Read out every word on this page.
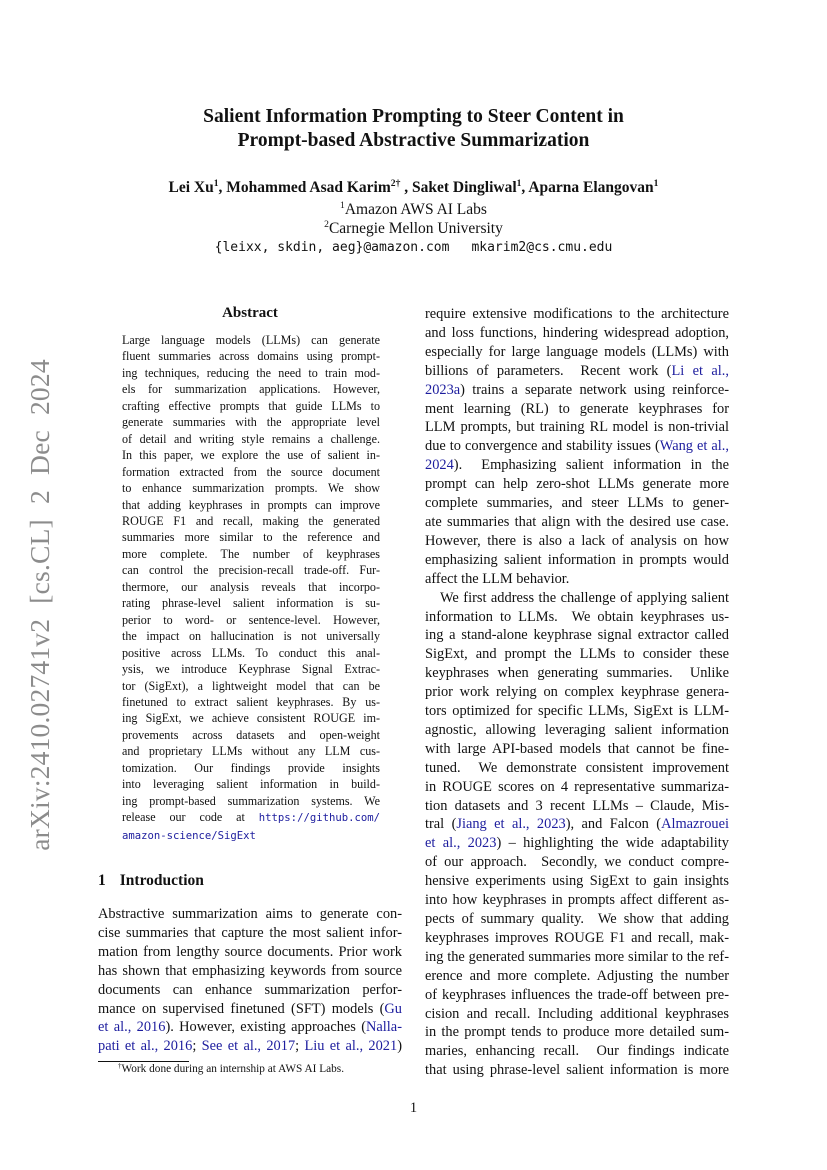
arXiv:2410.02741v2 [cs.CL] 2 Dec 2024
Salient Information Prompting to Steer Content in
Prompt-based Abstractive Summarization
Lei Xu$^1$, Mohammed Asad Karim$^{2\dagger}$ , Saket Dingliwal$^1$, Aparna Elangovan$^1$
$^1$Amazon AWS AI Labs
$^2$Carnegie Mellon University
{leixx, skdin, aeg}@amazon.com mkarim2@cs.cmu.edu
Abstract
Large language models (LLMs) can generate
fluent summaries across domains using prompt-
ing techniques, reducing the need to train mod-
els for summarization applications. However,
crafting effective prompts that guide LLMs to
generate summaries with the appropriate level
of detail and writing style remains a challenge.
In this paper, we explore the use of salient in-
formation extracted from the source document
to enhance summarization prompts. We show
that adding keyphrases in prompts can improve
ROUGE F1 and recall, making the generated
summaries more similar to the reference and
more complete. The number of keyphrases
can control the precision-recall trade-off. Fur-
thermore, our analysis reveals that incorpo-
rating phrase-level salient information is su-
perior to word- or sentence-level. However,
the impact on hallucination is not universally
positive across LLMs. To conduct this anal-
ysis, we introduce Keyphrase Signal Extrac-
tor (SigExt), a lightweight model that can be
finetuned to extract salient keyphrases. By us-
ing SigExt, we achieve consistent ROUGE im-
provements across datasets and open-weight
and proprietary LLMs without any LLM cus-
tomization. Our findings provide insights
into leveraging salient information in build-
ing prompt-based summarization systems. We
release our code at https://github.com/
amazon-science/SigExt
1 Introduction
Abstractive summarization aims to generate con-
cise summaries that capture the most salient infor-
mation from lengthy source documents. Prior work
has shown that emphasizing keywords from source
documents can enhance summarization perfor-
mance on supervised finetuned (SFT) models (Gu
et al., 2016). However, existing approaches (Nalla-
pati et al., 2016; See et al., 2017; Liu et al., 2021)
require extensive modifications to the architecture
and loss functions, hindering widespread adoption,
especially for large language models (LLMs) with
billions of parameters.  Recent work (Li et al.,
2023a) trains a separate network using reinforce-
ment learning (RL) to generate keyphrases for
LLM prompts, but training RL model is non-trivial
due to convergence and stability issues (Wang et al.,
2024).  Emphasizing salient information in the
prompt can help zero-shot LLMs generate more
complete summaries, and steer LLMs to gener-
ate summaries that align with the desired use case.
However, there is also a lack of analysis on how
emphasizing salient information in prompts would
affect the LLM behavior.
We first address the challenge of applying salient
information to LLMs.  We obtain keyphrases us-
ing a stand-alone keyphrase signal extractor called
SigExt, and prompt the LLMs to consider these
keyphrases when generating summaries.  Unlike
prior work relying on complex keyphrase genera-
tors optimized for specific LLMs, SigExt is LLM-
agnostic, allowing leveraging salient information
with large API-based models that cannot be fine-
tuned.  We demonstrate consistent improvement
in ROUGE scores on 4 representative summariza-
tion datasets and 3 recent LLMs – Claude, Mis-
tral (Jiang et al., 2023), and Falcon (Almazrouei
et al., 2023) – highlighting the wide adaptability
of our approach.  Secondly, we conduct compre-
hensive experiments using SigExt to gain insights
into how keyphrases in prompts affect different as-
pects of summary quality.  We show that adding
keyphrases improves ROUGE F1 and recall, mak-
ing the generated summaries more similar to the ref-
erence and more complete. Adjusting the number
of keyphrases influences the trade-off between pre-
cision and recall. Including additional keyphrases
in the prompt tends to produce more detailed sum-
maries, enhancing recall.  Our findings indicate
that using phrase-level salient information is more
†Work done during an internship at AWS AI Labs.
1
